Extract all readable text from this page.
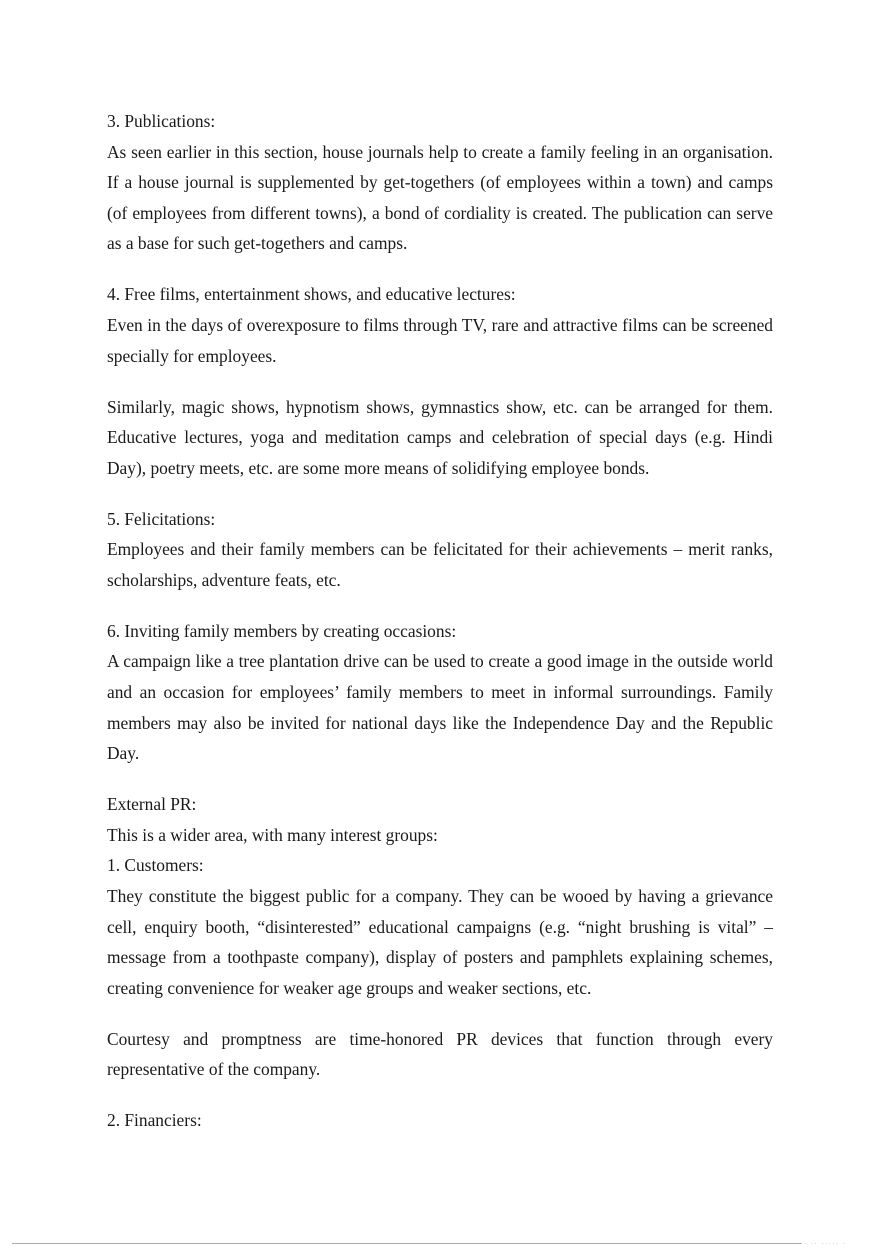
3. Publications:

As seen earlier in this section, house journals help to create a family feeling in an organisation. If a house journal is supplemented by get-togethers (of employees within a town) and camps (of employees from different towns), a bond of cordiality is created. The publication can serve as a base for such get-togethers and camps.

4. Free films, entertainment shows, and educative lectures:

Even in the days of overexposure to films through TV, rare and attractive films can be screened specially for employees.

Similarly, magic shows, hypnotism shows, gymnastics show, etc. can be arranged for them. Educative lectures, yoga and meditation camps and celebration of special days (e.g. Hindi Day), poetry meets, etc. are some more means of solidifying employee bonds.

5. Felicitations:

Employees and their family members can be felicitated for their achievements – merit ranks, scholarships, adventure feats, etc.

6. Inviting family members by creating occasions:

A campaign like a tree plantation drive can be used to create a good image in the outside world and an occasion for employees’ family members to meet in informal surroundings. Family members may also be invited for national days like the Independence Day and the Republic Day.

External PR:

This is a wider area, with many interest groups:

1. Customers:

They constitute the biggest public for a company. They can be wooed by having a grievance cell, enquiry booth, “disinterested” educational campaigns (e.g. “night brushing is vital” – message from a toothpaste company), display of posters and pamphlets explaining schemes, creating convenience for weaker age groups and weaker sections, etc.

Courtesy and promptness are time-honored PR devices that function through every representative of the company.

2. Financiers:

·· ·· ····· ·
